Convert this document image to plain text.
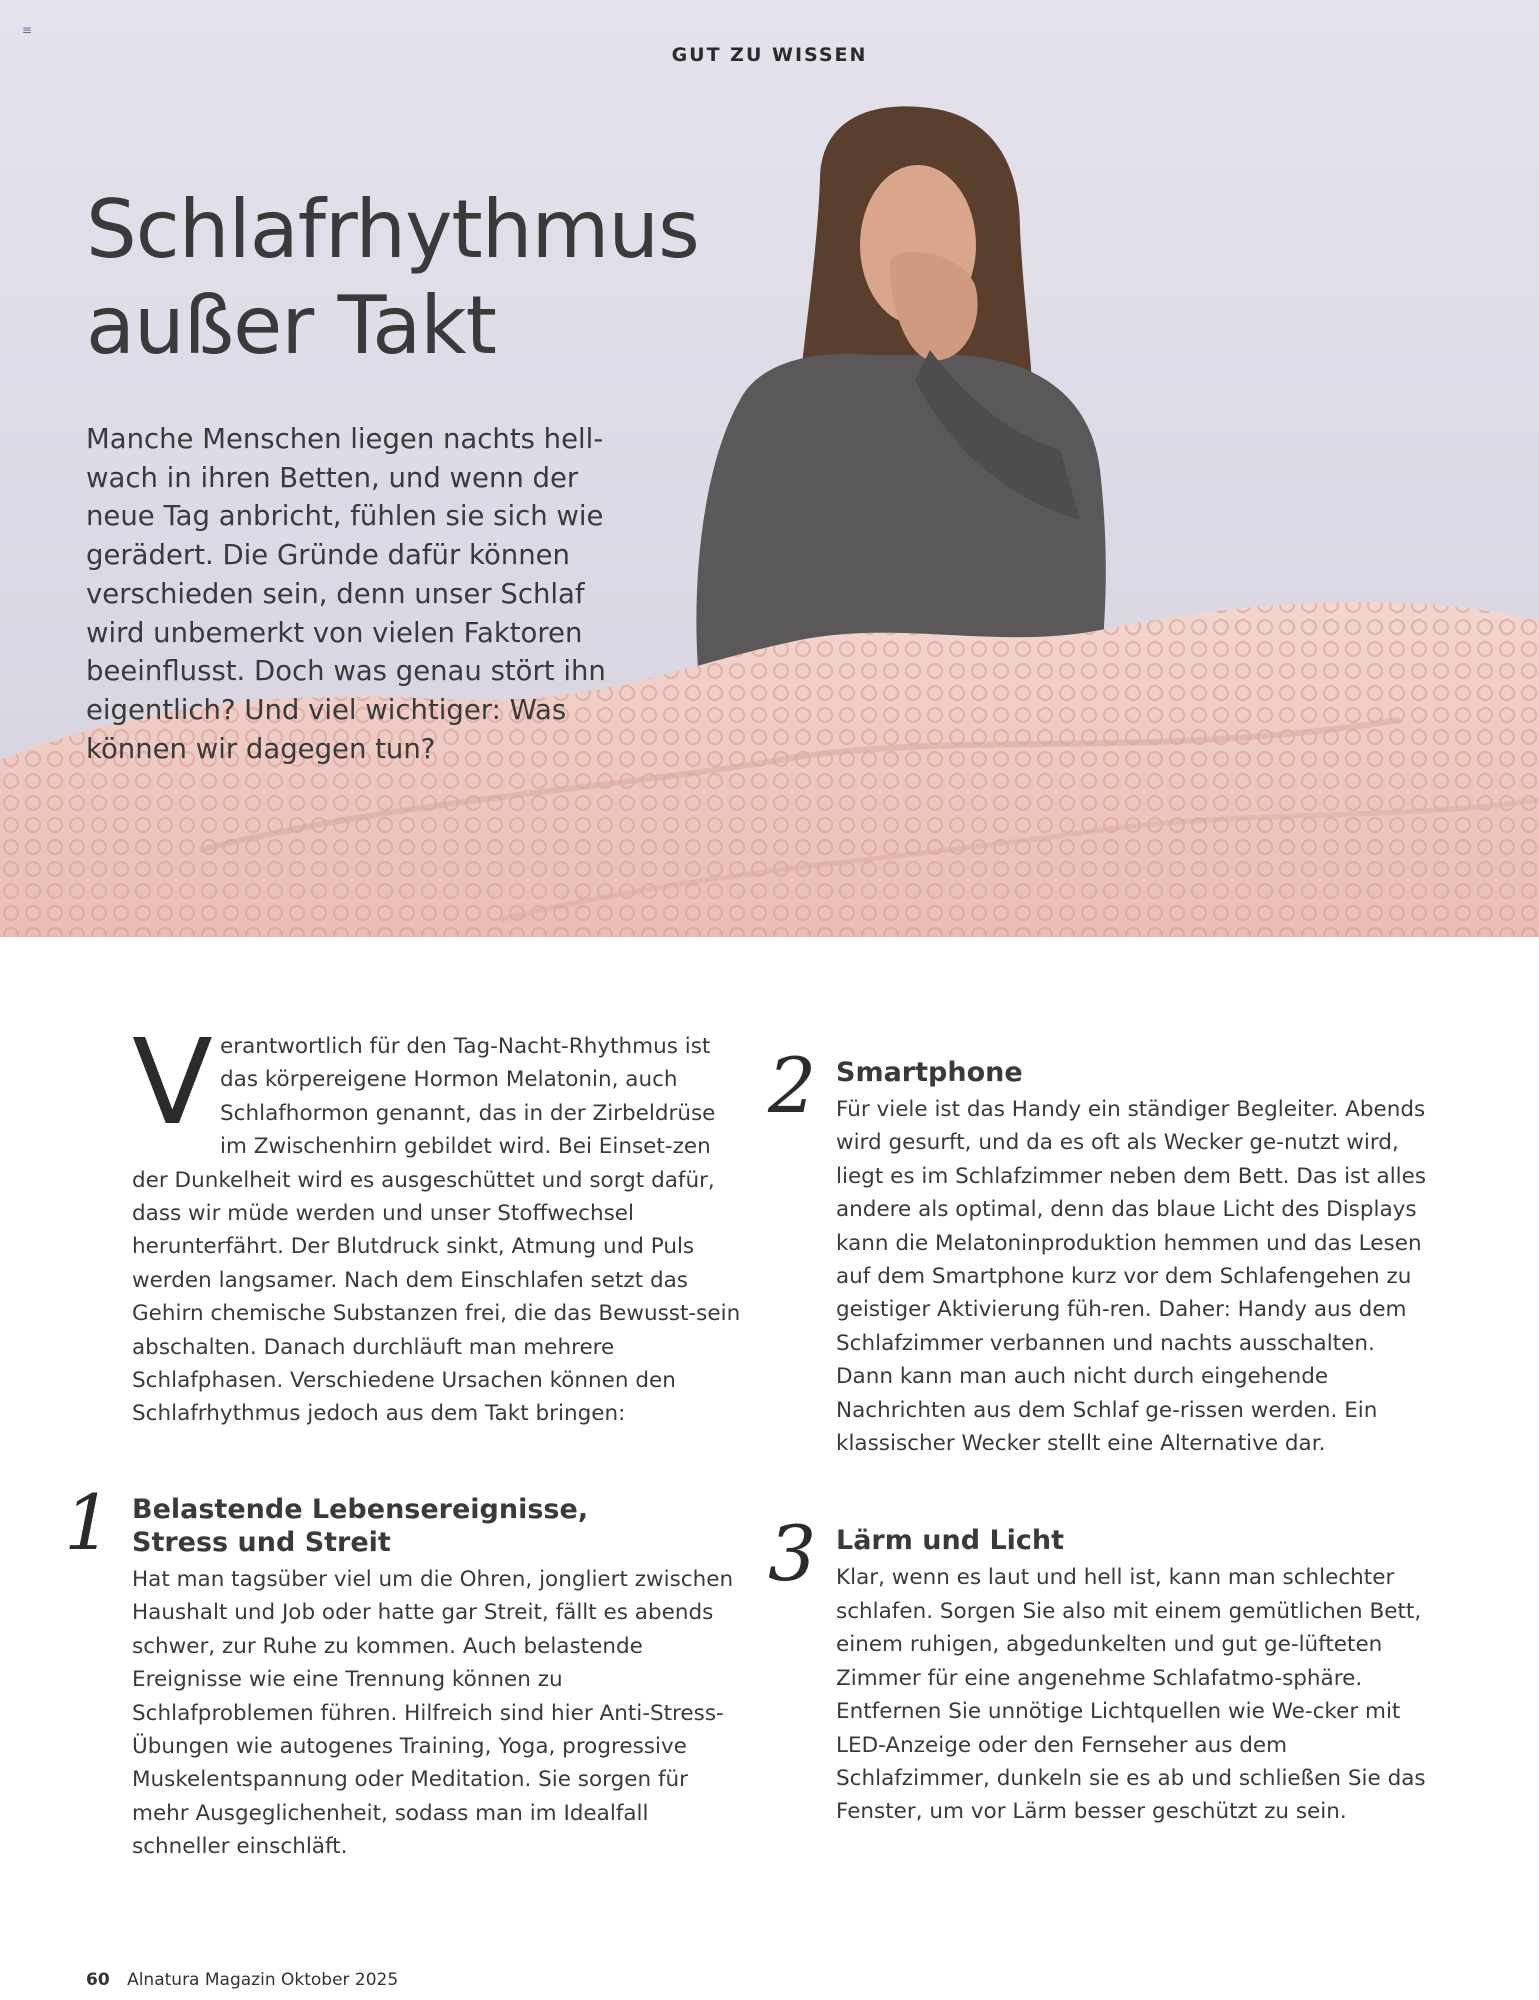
≡
GUT ZU WISSEN
Schlafrhythmus
außer Takt

Manche Menschen liegen nachts hell-wach in ihren Betten, und wenn der neue Tag anbricht, fühlen sie sich wie gerädert. Die Gründe dafür können verschieden sein, denn unser Schlaf wird unbemerkt von vielen Faktoren beeinflusst. Doch was genau stört ihn eigentlich? Und viel wichtiger: Was können wir dagegen tun?

V erantwortlich für den Tag-Nacht-Rhythmus ist das körpereigene Hormon Melatonin, auch Schlafhormon genannt, das in der Zirbeldrüse im Zwischenhirn gebildet wird. Bei Einset-zen der Dunkelheit wird es ausgeschüttet und sorgt dafür, dass wir müde werden und unser Stoffwechsel herunterfährt. Der Blutdruck sinkt, Atmung und Puls werden langsamer. Nach dem Einschlafen setzt das Gehirn chemische Substanzen frei, die das Bewusst-sein abschalten. Danach durchläuft man mehrere Schlafphasen. Verschiedene Ursachen können den Schlafrhythmus jedoch aus dem Takt bringen:

1 Belastende Lebensereignisse,
Stress und Streit

Hat man tagsüber viel um die Ohren, jongliert zwischen Haushalt und Job oder hatte gar Streit, fällt es abends schwer, zur Ruhe zu kommen. Auch belastende Ereignisse wie eine Trennung können zu Schlafproblemen führen. Hilfreich sind hier Anti-Stress-Übungen wie autogenes Training, Yoga, progressive Muskelentspannung oder Meditation. Sie sorgen für mehr Ausgeglichenheit, sodass man im Idealfall schneller einschläft.

2 Smartphone

Für viele ist das Handy ein ständiger Begleiter. Abends wird gesurft, und da es oft als Wecker ge-nutzt wird, liegt es im Schlafzimmer neben dem Bett. Das ist alles andere als optimal, denn das blaue Licht des Displays kann die Melatoninproduktion hemmen und das Lesen auf dem Smartphone kurz vor dem Schlafengehen zu geistiger Aktivierung füh-ren. Daher: Handy aus dem Schlafzimmer verbannen und nachts ausschalten. Dann kann man auch nicht durch eingehende Nachrichten aus dem Schlaf ge-rissen werden. Ein klassischer Wecker stellt eine Alternative dar.

3 Lärm und Licht

Klar, wenn es laut und hell ist, kann man schlechter schlafen. Sorgen Sie also mit einem gemütlichen Bett, einem ruhigen, abgedunkelten und gut ge-lüfteten Zimmer für eine angenehme Schlafatmo-sphäre. Entfernen Sie unnötige Lichtquellen wie We-cker mit LED-Anzeige oder den Fernseher aus dem Schlafzimmer, dunkeln sie es ab und schließen Sie das Fenster, um vor Lärm besser geschützt zu sein.

60 Alnatura Magazin Oktober 2025
